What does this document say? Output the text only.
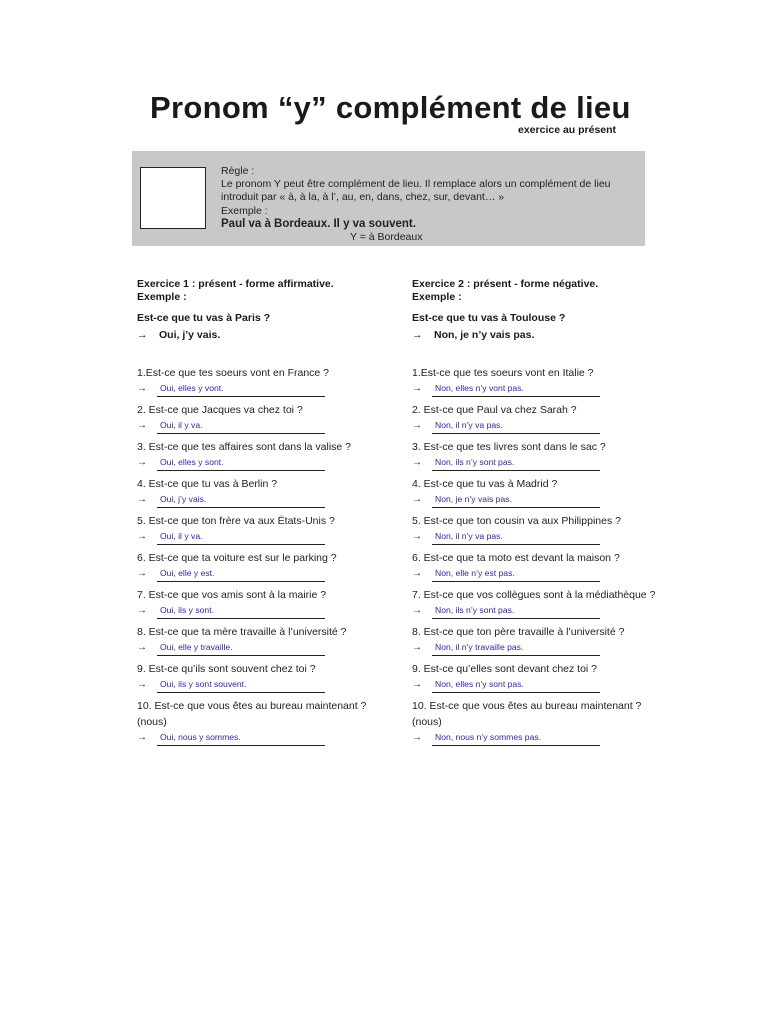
Pronom “y” complément de lieu
exercice au présent
Règle :
Le pronom Y peut être complément de lieu. Il remplace alors un complément de lieu introduit par « à, à la, à l’, au, en, dans, chez, sur, devant… »
Exemple :
Paul va à Bordeaux. Il y va souvent.
Y = à Bordeaux
Exercice 1 : présent - forme affirmative.
Exemple :
Est-ce que tu vas à Paris ?
→ Oui, j’y vais.
1.Est-ce que tes soeurs vont en France ?
→	Oui, elles y vont.
2. Est-ce que Jacques va chez toi ?
→	Oui, il y va.
3. Est-ce que tes affaires sont dans la valise ?
→	Oui, elles y sont.
4. Est-ce que tu vas à Berlin ?
→	Oui, j’y vais.
5. Est-ce que ton frère va aux États-Unis ?
→	Oui, il y va.
6. Est-ce que ta voiture est sur le parking ?
→	Oui, elle y est.
7. Est-ce que vos amis sont à la mairie ?
→	Oui, ils y sont.
8. Est-ce que ta mère travaille à l’université ?
→	Oui, elle y travaille.
9. Est-ce qu’ils sont souvent chez toi ?
→	Oui, ils y sont souvent.
10. Est-ce que vous êtes au bureau maintenant ? (nous)
→	Oui, nous y sommes.
Exercice 2 : présent - forme négative.
Exemple :
Est-ce que tu vas à Toulouse ?
→ Non, je n’y vais pas.
1.Est-ce que tes soeurs vont en Italie ?
→	Non, elles n’y vont pas.
2. Est-ce que Paul va chez Sarah ?
→	Non, il n’y va pas.
3. Est-ce que tes livres sont dans le sac ?
→	Non, ils n’y sont pas.
4. Est-ce que tu vas à Madrid ?
→	Non, je n’y vais pas.
5. Est-ce que ton cousin va aux Philippines ?
→	Non, il n’y va pas.
6. Est-ce que ta moto est devant la maison ?
→	Non, elle n’y est pas.
7. Est-ce que vos collègues sont à la médiathèque ?
→	Non, ils n’y sont pas.
8. Est-ce que ton père travaille à l’université ?
→	Non, il n’y travaille pas.
9. Est-ce qu’elles sont devant chez toi ?
→	Non, elles n’y sont pas.
10. Est-ce que vous êtes au bureau maintenant ? (nous)
→	Non, nous n’y sommes pas.
